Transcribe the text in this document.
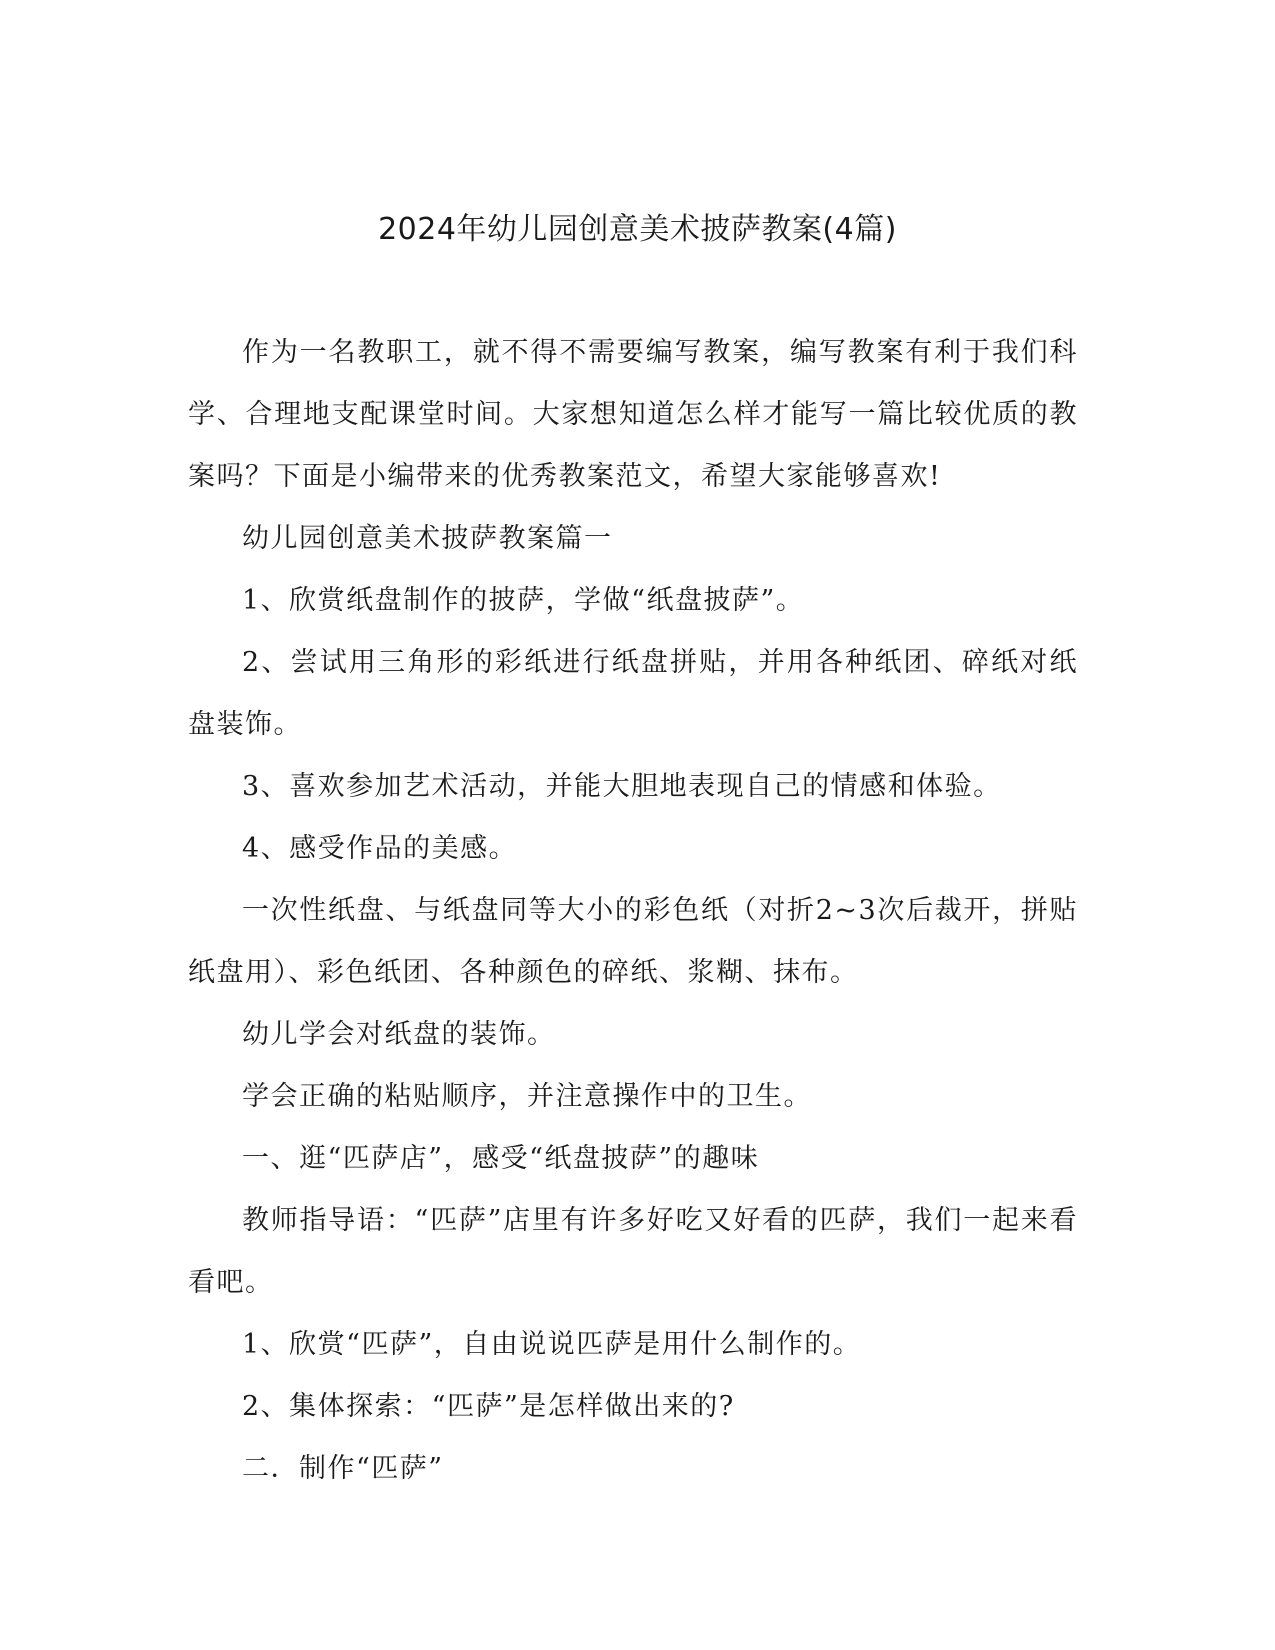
2024年幼儿园创意美术披萨教案(4篇)

作为一名教职工，就不得不需要编写教案，编写教案有利于我们科学、合理地支配课堂时间。大家想知道怎么样才能写一篇比较优质的教案吗？下面是小编带来的优秀教案范文，希望大家能够喜欢!

幼儿园创意美术披萨教案篇一

1、欣赏纸盘制作的披萨，学做“纸盘披萨”。

2、尝试用三角形的彩纸进行纸盘拼贴，并用各种纸团、碎纸对纸盘装饰。

3、喜欢参加艺术活动，并能大胆地表现自己的情感和体验。

4、感受作品的美感。

一次性纸盘、与纸盘同等大小的彩色纸（对折2~3次后裁开，拼贴纸盘用）、彩色纸团、各种颜色的碎纸、浆糊、抹布。

幼儿学会对纸盘的装饰。

学会正确的粘贴顺序，并注意操作中的卫生。

一、逛“匹萨店”，感受“纸盘披萨”的趣味

教师指导语：“匹萨”店里有许多好吃又好看的匹萨，我们一起来看看吧。

1、欣赏“匹萨”，自由说说匹萨是用什么制作的。

2、集体探索：“匹萨”是怎样做出来的?

二．制作“匹萨”
